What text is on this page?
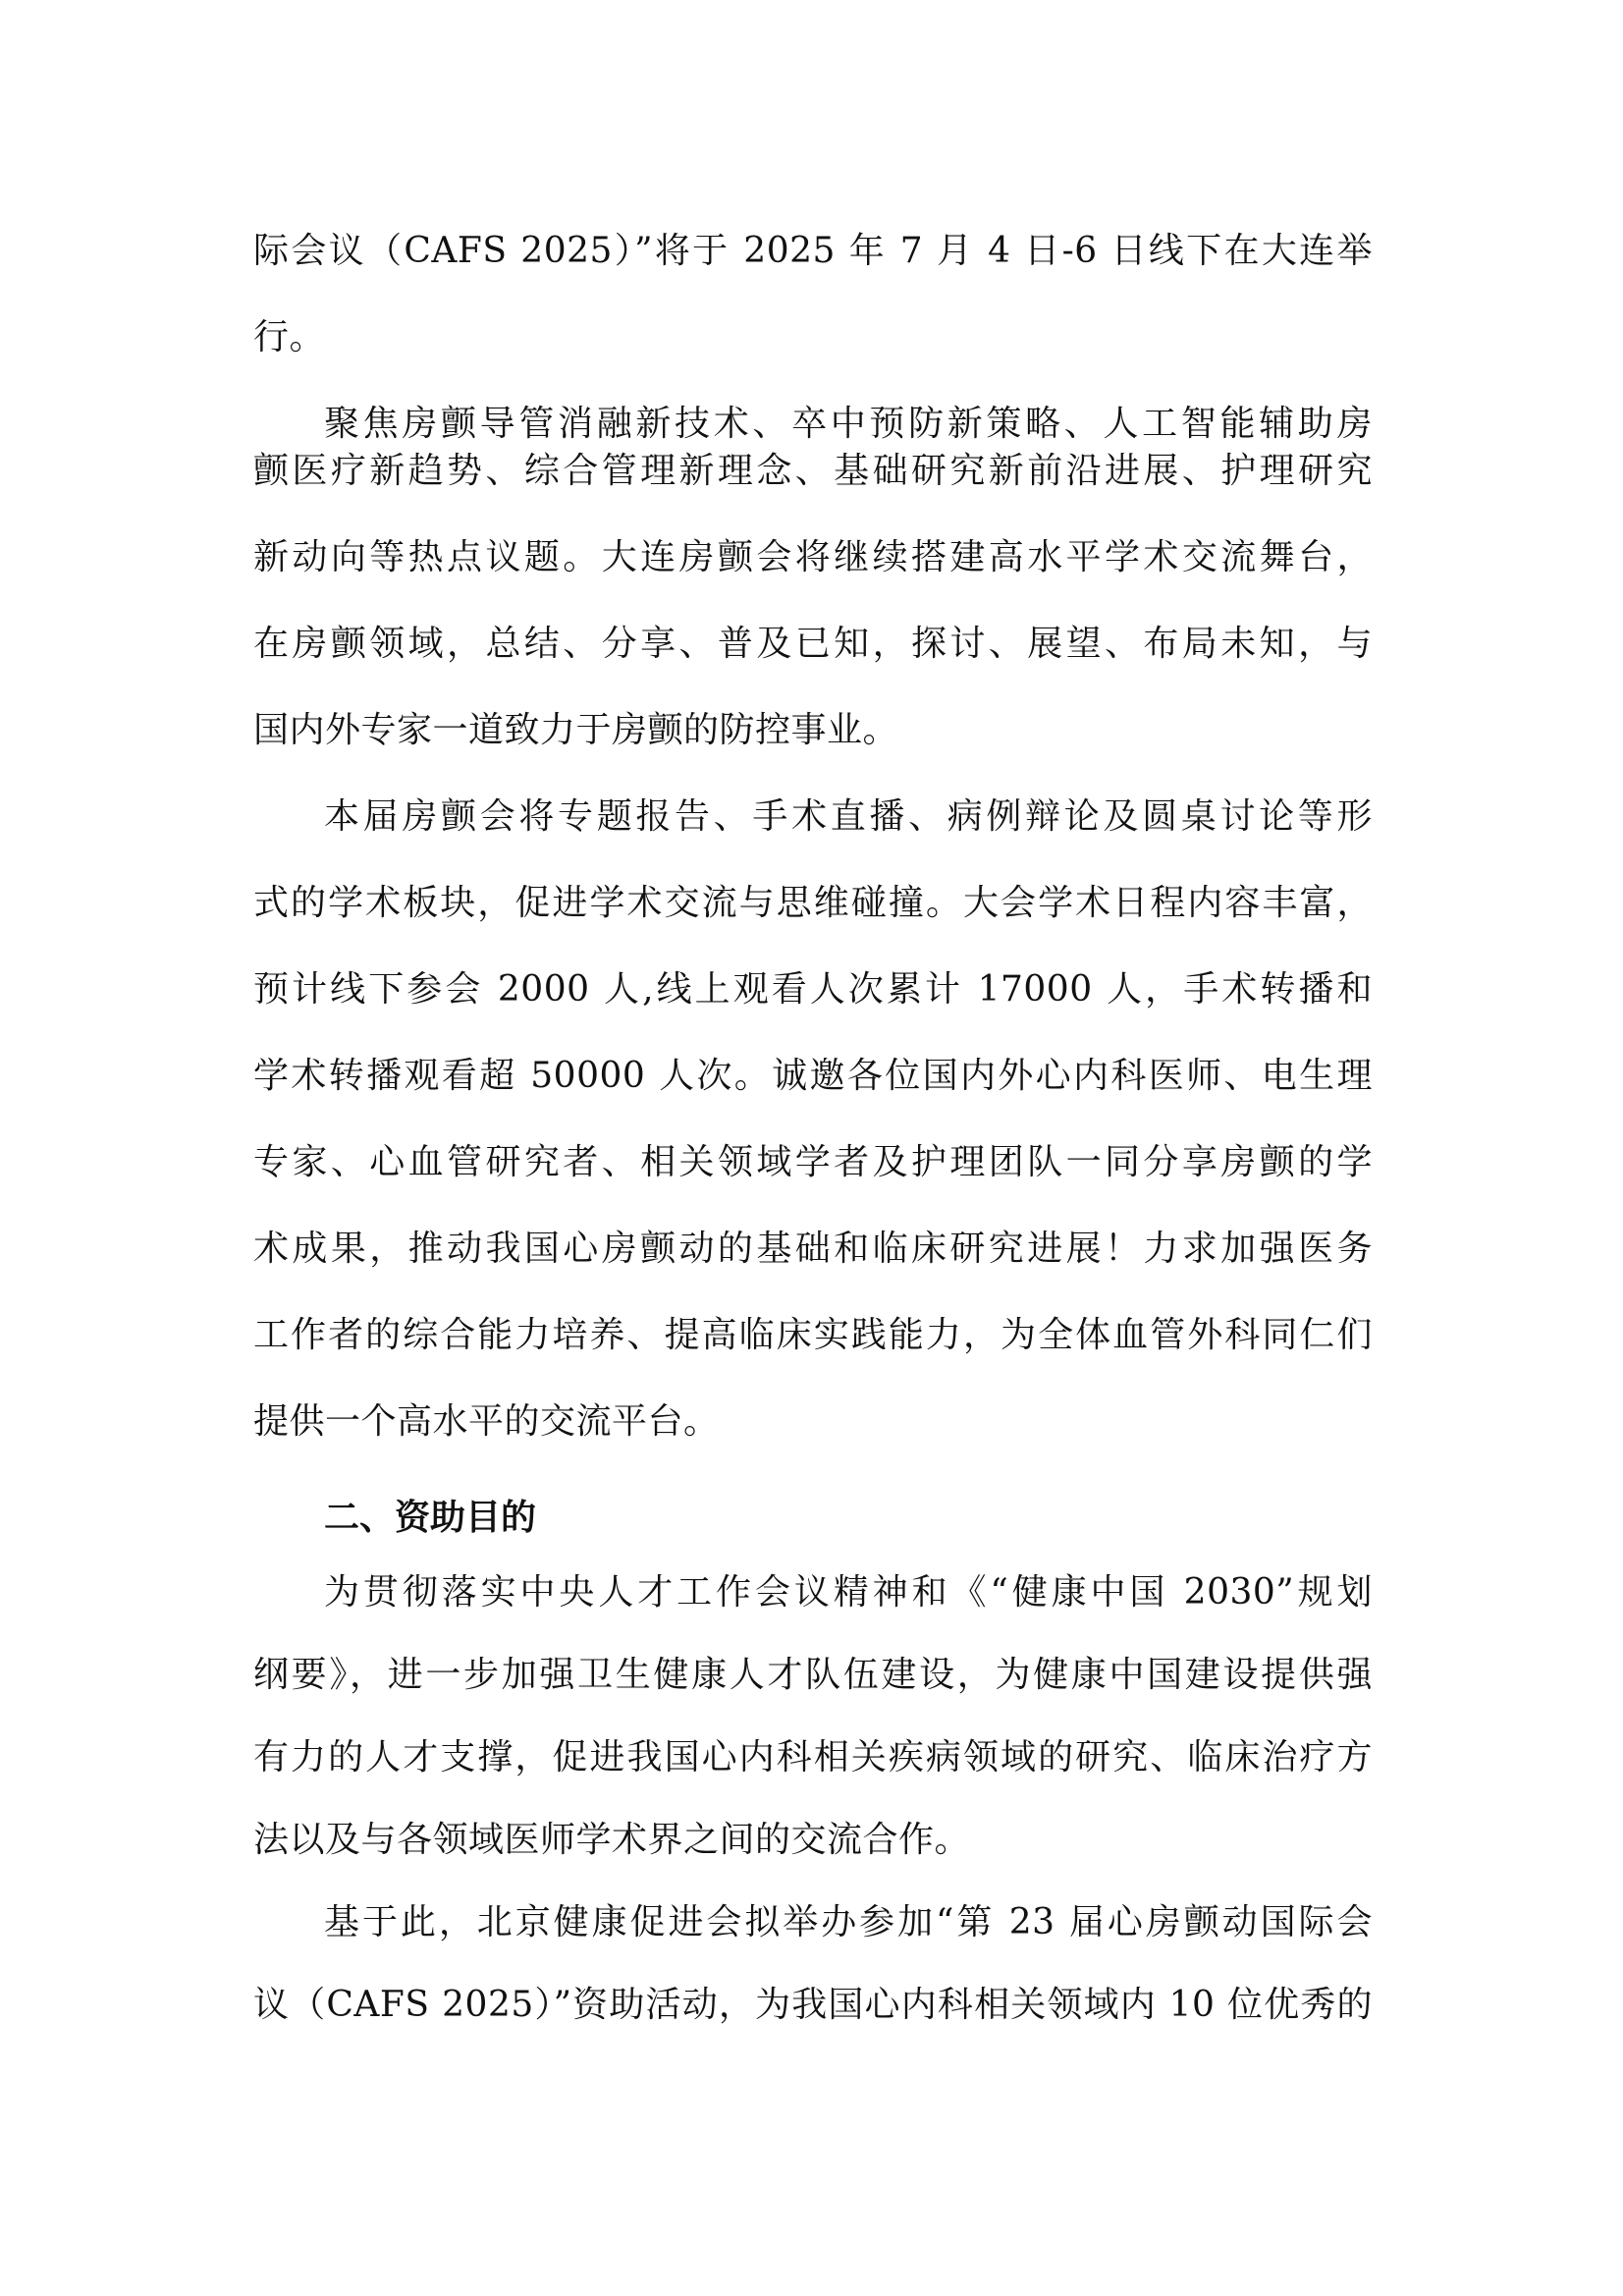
际会议（CAFS 2025）”将于 2025 年 7 月 4 日-6 日线下在大连举
行。
聚焦房颤导管消融新技术、卒中预防新策略、人工智能辅助房
颤医疗新趋势、综合管理新理念、基础研究新前沿进展、护理研究
新动向等热点议题。大连房颤会将继续搭建高水平学术交流舞台，
在房颤领域，总结、分享、普及已知，探讨、展望、布局未知，与
国内外专家一道致力于房颤的防控事业。
本届房颤会将专题报告、手术直播、病例辩论及圆桌讨论等形
式的学术板块，促进学术交流与思维碰撞。大会学术日程内容丰富，
预计线下参会 2000 人,线上观看人次累计 17000 人，手术转播和
学术转播观看超 50000 人次。诚邀各位国内外心内科医师、电生理
专家、心血管研究者、相关领域学者及护理团队一同分享房颤的学
术成果，推动我国心房颤动的基础和临床研究进展！力求加强医务
工作者的综合能力培养、提高临床实践能力，为全体血管外科同仁们
提供一个高水平的交流平台。
二、资助目的
为贯彻落实中央人才工作会议精神和《“健康中国 2030”规划
纲要》，进一步加强卫生健康人才队伍建设，为健康中国建设提供强
有力的人才支撑，促进我国心内科相关疾病领域的研究、临床治疗方
法以及与各领域医师学术界之间的交流合作。
基于此，北京健康促进会拟举办参加“第 23 届心房颤动国际会
议（CAFS 2025）”资助活动，为我国心内科相关领域内 10 位优秀的
